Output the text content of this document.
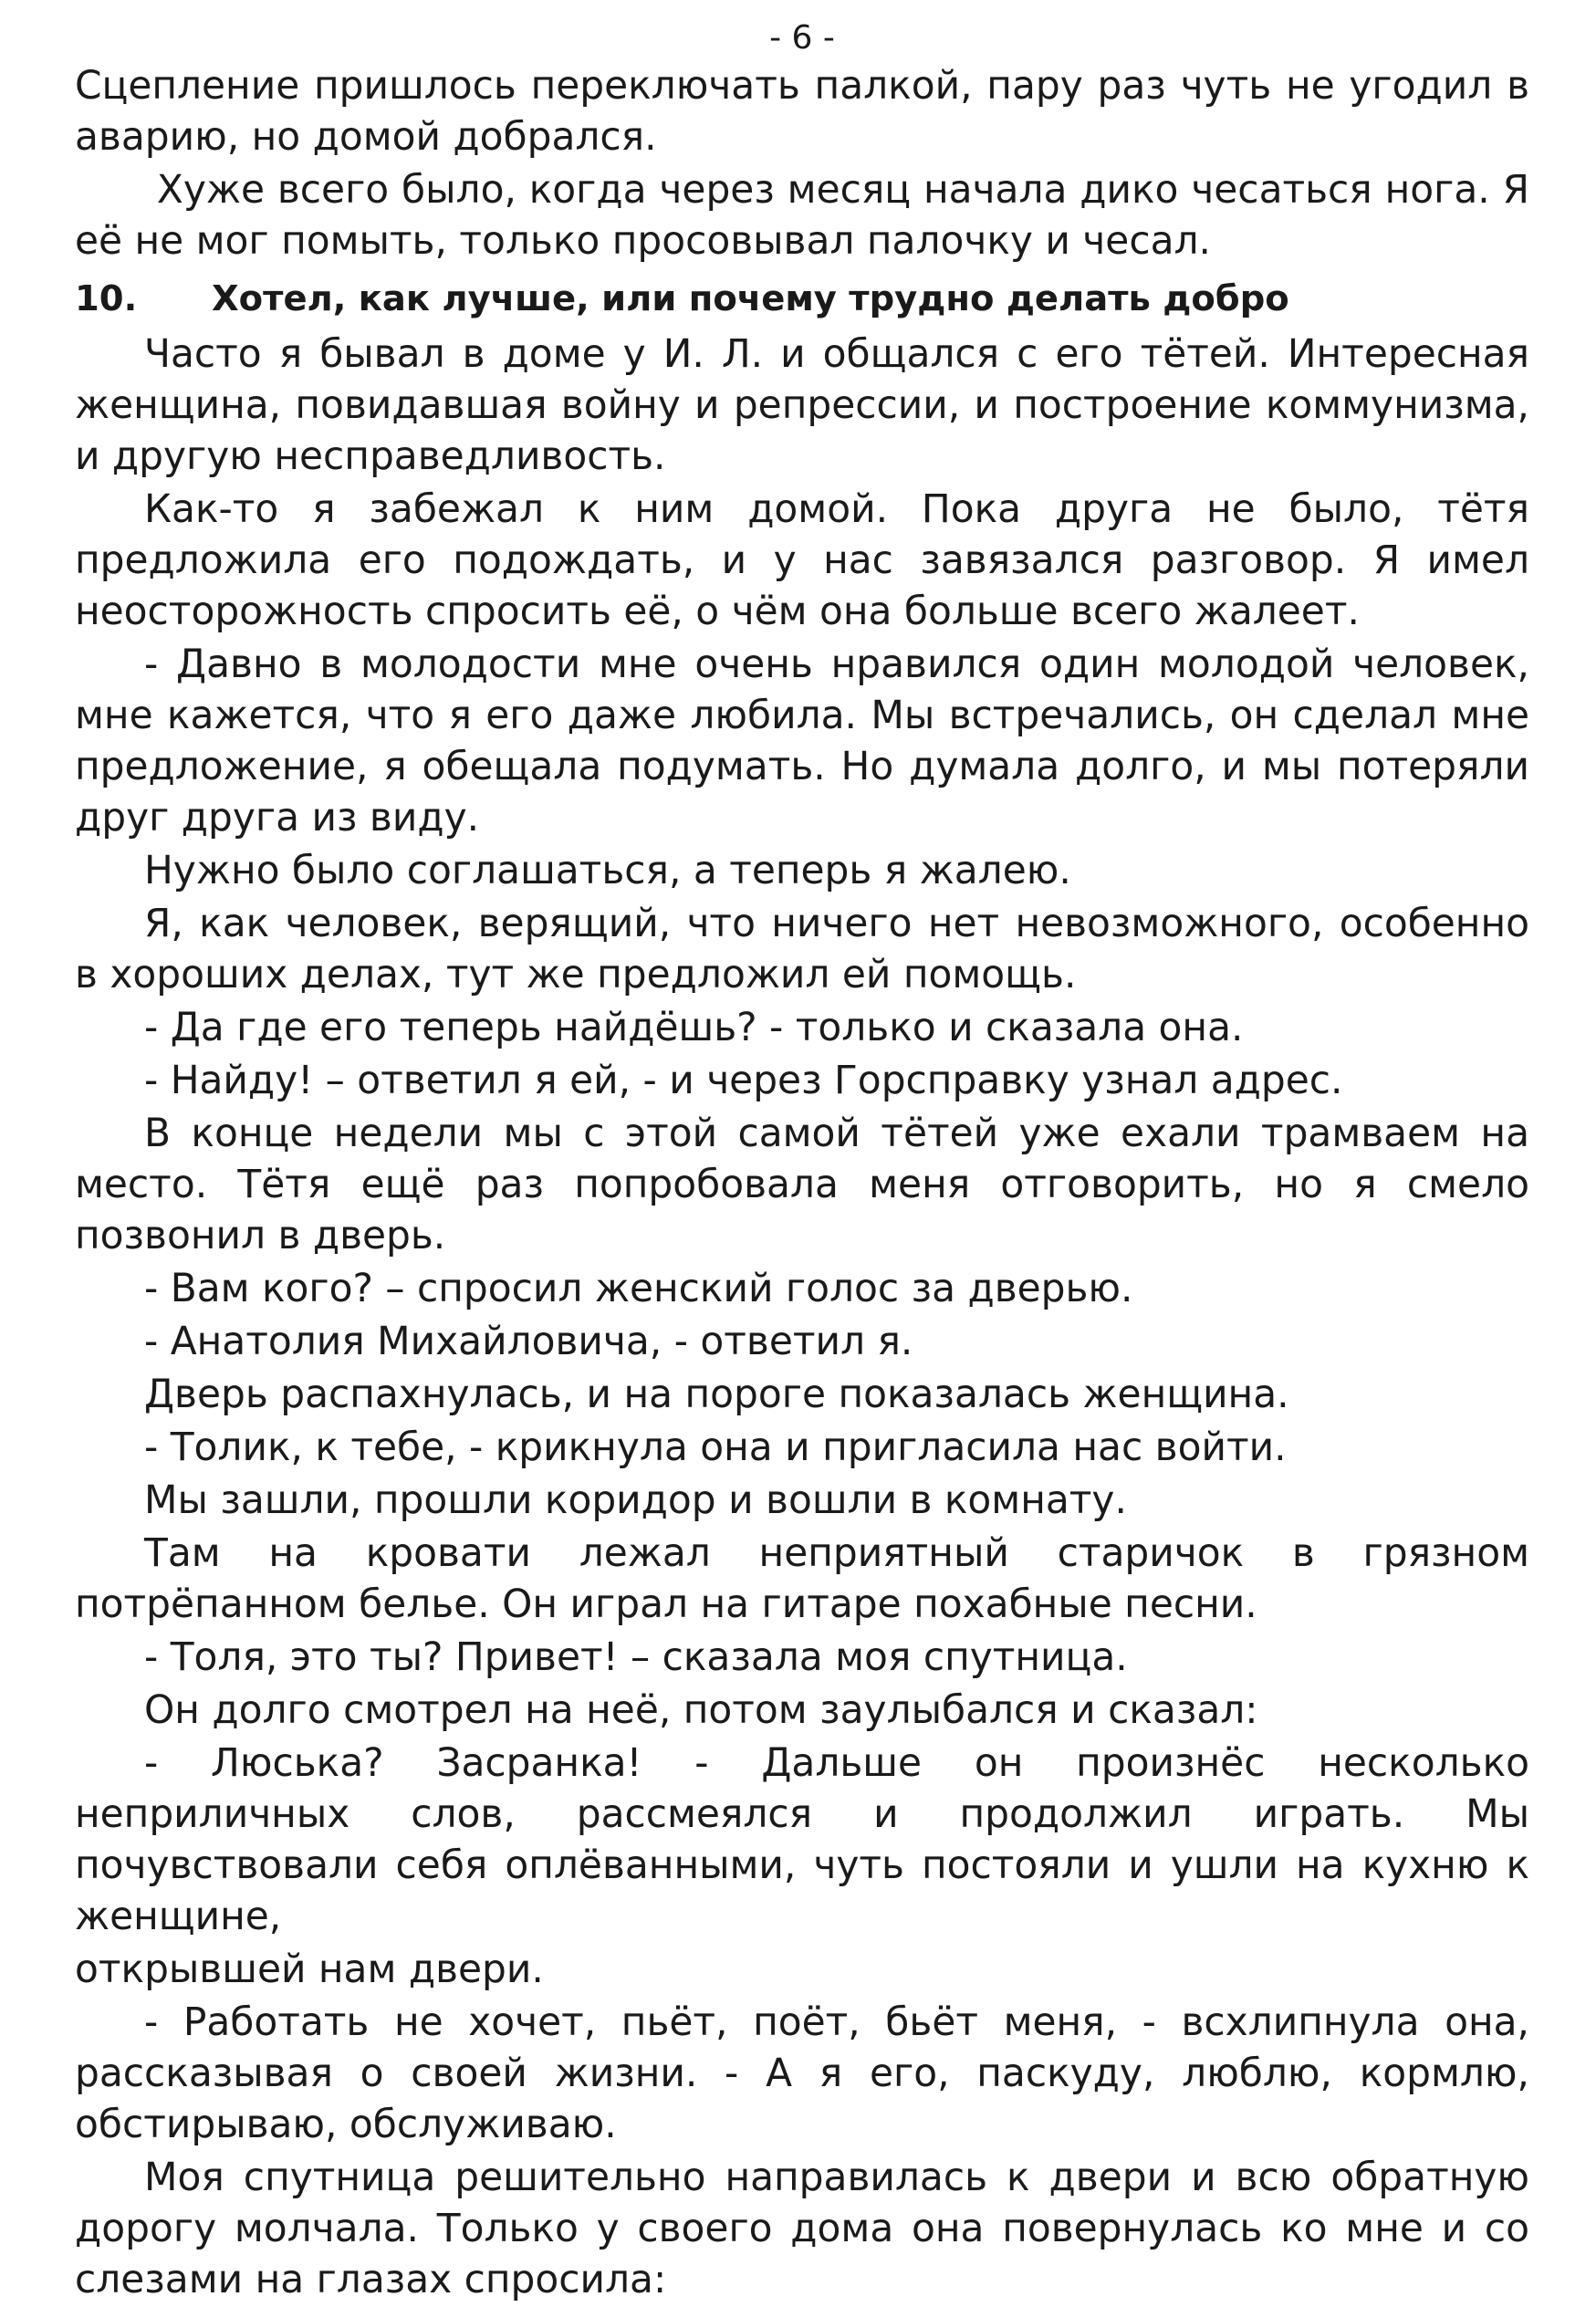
- 6 -

Сцепление пришлось переключать палкой, пару раз чуть не угодил в аварию, но домой добрался.

Хуже всего было, когда через месяц начала дико чесаться нога. Я её не мог помыть, только просовывал палочку и чесал.

10. Хотел, как лучше, или почему трудно делать добро

Часто я бывал в доме у И. Л. и общался с его тётей. Интересная женщина, повидавшая войну и репрессии, и построение коммунизма, и другую несправедливость.

Как-то я забежал к ним домой. Пока друга не было, тётя предложила его подождать, и у нас завязался разговор. Я имел неосторожность спросить её, о чём она больше всего жалеет.

- Давно в молодости мне очень нравился один молодой человек, мне кажется, что я его даже любила. Мы встречались, он сделал мне предложение, я обещала подумать. Но думала долго, и мы потеряли друг друга из виду.

Нужно было соглашаться, а теперь я жалею.

Я, как человек, верящий, что ничего нет невозможного, особенно в хороших делах, тут же предложил ей помощь.

- Да где его теперь найдёшь? - только и сказала она.

- Найду! – ответил я ей, - и через Горсправку узнал адрес.

В конце недели мы с этой самой тётей уже ехали трамваем на место. Тётя ещё раз попробовала меня отговорить, но я смело позвонил в дверь.

- Вам кого? – спросил женский голос за дверью.

- Анатолия Михайловича, - ответил я.

Дверь распахнулась, и на пороге показалась женщина.

- Толик, к тебе, - крикнула она и пригласила нас войти.

Мы зашли, прошли коридор и вошли в комнату.

Там на кровати лежал неприятный старичок в грязном потрёпанном белье. Он играл на гитаре похабные песни.

- Толя, это ты? Привет! – сказала моя спутница.

Он долго смотрел на неё, потом заулыбался и сказал:

- Люська? Засранка! - Дальше он произнёс несколько неприличных слов, рассмеялся и продолжил играть. Мы почувствовали себя оплёванными, чуть постояли и ушли на кухню к женщине,

открывшей нам двери.

- Работать не хочет, пьёт, поёт, бьёт меня, - всхлипнула она, рассказывая о своей жизни. - А я его, паскуду, люблю, кормлю, обстирываю, обслуживаю.

Моя спутница решительно направилась к двери и всю обратную дорогу молчала. Только у своего дома она повернулась ко мне и со слезами на глазах спросила:
